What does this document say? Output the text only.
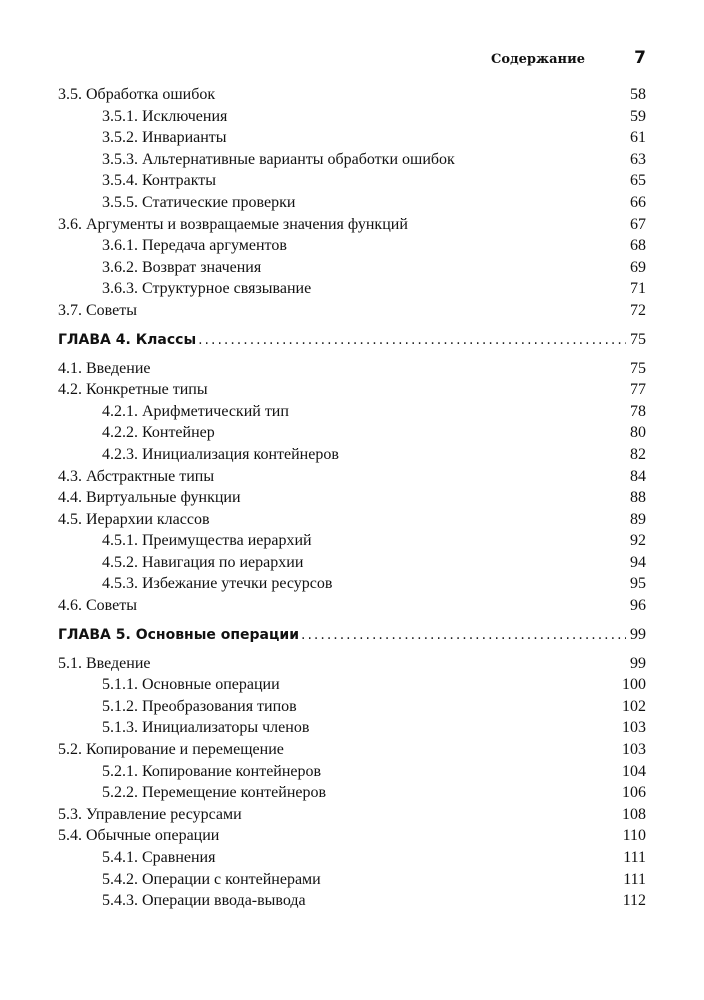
Содержание	7
3.5. Обработка ошибок	58
3.5.1. Исключения	59
3.5.2. Инварианты	61
3.5.3. Альтернативные варианты обработки ошибок	63
3.5.4. Контракты	65
3.5.5. Статические проверки	66
3.6. Аргументы и возвращаемые значения функций	67
3.6.1. Передача аргументов	68
3.6.2. Возврат значения	69
3.6.3. Структурное связывание	71
3.7. Советы	72
ГЛАВА 4. Классы .....	75
4.1. Введение	75
4.2. Конкретные типы	77
4.2.1. Арифметический тип	78
4.2.2. Контейнер	80
4.2.3. Инициализация контейнеров	82
4.3. Абстрактные типы	84
4.4. Виртуальные функции	88
4.5. Иерархии классов	89
4.5.1. Преимущества иерархий	92
4.5.2. Навигация по иерархии	94
4.5.3. Избежание утечки ресурсов	95
4.6. Советы	96
ГЛАВА 5. Основные операции .....	99
5.1. Введение	99
5.1.1. Основные операции	100
5.1.2. Преобразования типов	102
5.1.3. Инициализаторы членов	103
5.2. Копирование и перемещение	103
5.2.1. Копирование контейнеров	104
5.2.2. Перемещение контейнеров	106
5.3. Управление ресурсами	108
5.4. Обычные операции	110
5.4.1. Сравнения	111
5.4.2. Операции с контейнерами	111
5.4.3. Операции ввода-вывода	112
